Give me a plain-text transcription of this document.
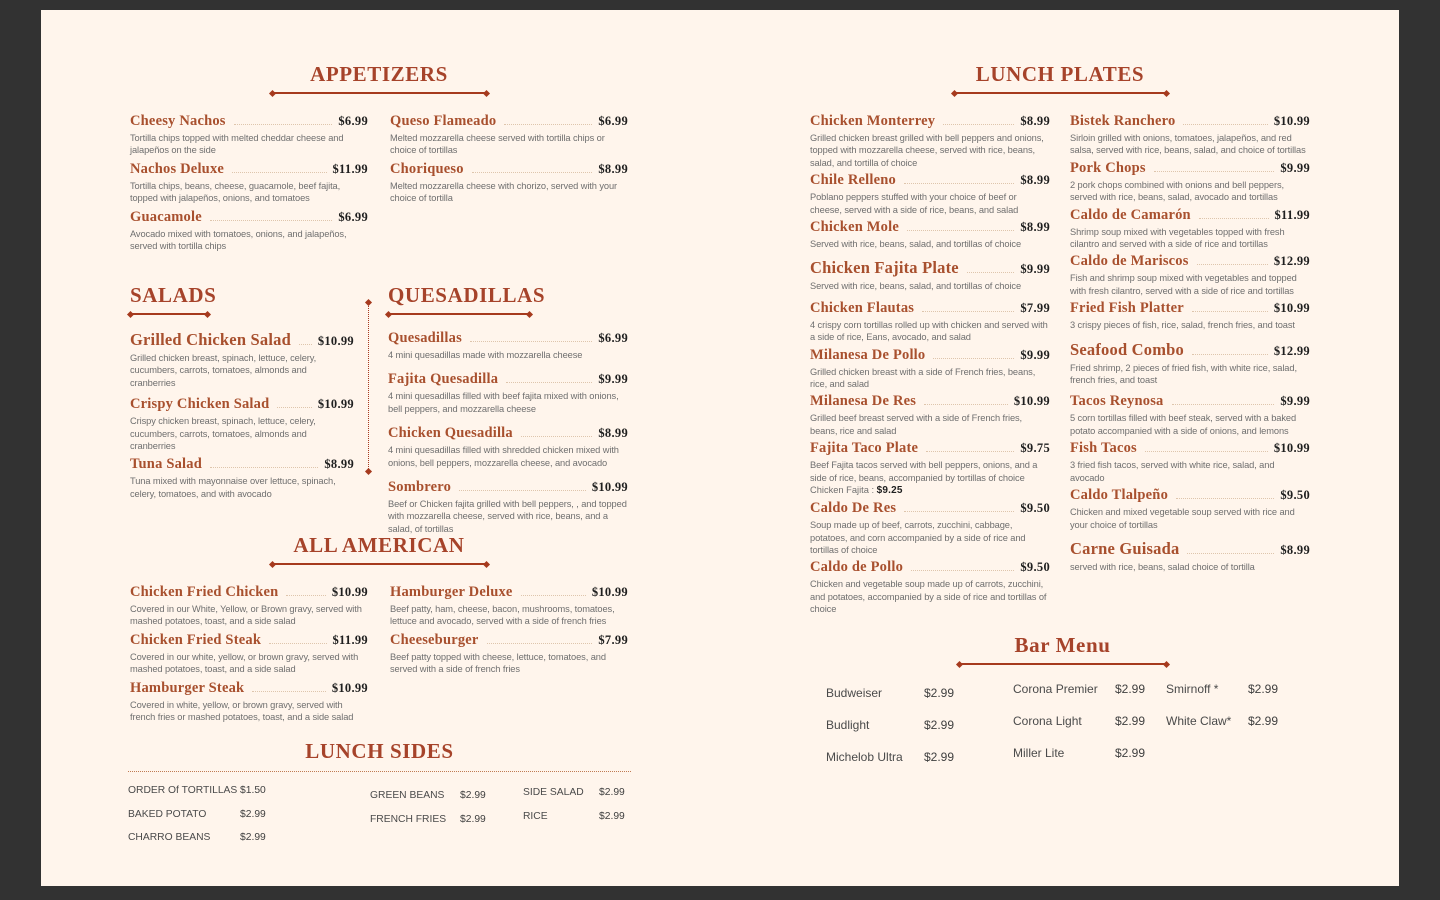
APPETIZERS
Cheesy Nachos	$6.99
Tortilla chips topped with melted cheddar cheese and jalapeños on the side
Nachos Deluxe	$11.99
Tortilla chips, beans, cheese, guacamole, beef fajita, topped with jalapeños, onions, and tomatoes
Guacamole	$6.99
Avocado mixed with tomatoes, onions, and jalapeños, served with tortilla chips
Queso Flameado	$6.99
Melted mozzarella cheese served with tortilla chips or choice of tortillas
Choriqueso	$8.99
Melted mozzarella cheese with chorizo, served with your choice of tortilla
SALADS
Grilled Chicken Salad $10.99
Grilled chicken breast, spinach, lettuce, celery, cucumbers, carrots, tomatoes, almonds and cranberries
Crispy Chicken Salad	$10.99
Crispy chicken breast, spinach, lettuce, celery, cucumbers, carrots, tomatoes, almonds and cranberries
Tuna Salad	$8.99
Tuna mixed with mayonnaise over lettuce, spinach, celery, tomatoes, and with avocado
QUESADILLAS
Quesadillas	$6.99
4 mini quesadillas made with mozzarella cheese
Fajita Quesadilla	$9.99
4 mini quesadillas filled with beef fajita mixed with onions, bell peppers, and mozzarella cheese
Chicken Quesadilla	$8.99
4 mini quesadillas filled with shredded chicken mixed with onions, bell peppers, mozzarella cheese, and avocado
Sombrero	$10.99
Beef or Chicken fajita grilled with bell peppers, , and topped with mozzarella cheese, served with rice, beans, and a salad, of tortillas
ALL AMERICAN
Chicken Fried Chicken	$10.99
Covered in our White, Yellow, or Brown gravy, served with mashed potatoes, toast, and a side salad
Chicken Fried Steak	$11.99
Covered in our white, yellow, or brown gravy, served with mashed potatoes, toast, and a side salad
Hamburger Steak	$10.99
Covered in white, yellow, or brown gravy, served with french fries or mashed potatoes, toast, and a side salad
Hamburger Deluxe	$10.99
Beef patty, ham, cheese, bacon, mushrooms, tomatoes, lettuce and avocado, served with a side of french fries
Cheeseburger	$7.99
Beef patty topped with cheese, lettuce, tomatoes, and served with a side of french fries
LUNCH SIDES
ORDER Of TORTILLAS $1.50
BAKED POTATO	$2.99
CHARRO BEANS	$2.99
GREEN BEANS	$2.99
FRENCH FRIES	$2.99
SIDE SALAD	$2.99
RICE	$2.99
LUNCH PLATES
Chicken Monterrey	$8.99
Grilled chicken breast grilled with bell peppers and onions, topped with mozzarella cheese, served with rice, beans, salad, and tortilla of choice
Chile Relleno	$8.99
Poblano peppers stuffed with your choice of beef or cheese, served with a side of rice, beans, and salad
Chicken Mole	$8.99
Served with rice, beans, salad, and tortillas of choice
Chicken Fajita Plate	$9.99
Served with rice, beans, salad, and tortillas of choice
Chicken Flautas	$7.99
4 crispy corn tortillas rolled up with chicken and served with a side of rice, Eans, avocado, and salad
Milanesa De Pollo	$9.99
Grilled chicken breast with a side of French fries, beans, rice, and salad
Milanesa De Res	$10.99
Grilled beef breast served with a side of French fries, beans, rice and salad
Fajita Taco Plate	$9.75
Beef Fajita tacos served with bell peppers, onions, and a side of rice, beans, accompanied by tortillas of choice
Chicken Fajita : $9.25
Caldo De Res	$9.50
Soup made up of beef, carrots, zucchini, cabbage, potatoes, and corn accompanied by a side of rice and tortillas of choice
Caldo de Pollo	$9.50
Chicken and vegetable soup made up of carrots, zucchini, and potatoes, accompanied by a side of rice and tortillas of choice
Bistek Ranchero	$10.99
Sirloin grilled with onions, tomatoes, jalapeños, and red salsa, served with rice, beans, salad, and choice of tortillas
Pork Chops	$9.99
2 pork chops combined with onions and bell peppers, served with rice, beans, salad, avocado and tortillas
Caldo de Camarón	$11.99
Shrimp soup mixed with vegetables topped with fresh cilantro and served with a side of rice and tortillas
Caldo de Mariscos	$12.99
Fish and shrimp soup mixed with vegetables and topped with fresh cilantro, served with a side of rice and tortillas
Fried Fish Platter	$10.99
3 crispy pieces of fish, rice, salad, french fries, and toast
Seafood Combo	$12.99
Fried shrimp, 2 pieces of fried fish, with white rice, salad, french fries, and toast
Tacos Reynosa	$9.99
5 corn tortillas filled with beef steak, served with a baked potato accompanied with a side of onions, and lemons
Fish Tacos	$10.99
3 fried fish tacos, served with white rice, salad, and avocado
Caldo Tlalpeño	$9.50
Chicken and mixed vegetable soup served with rice and your choice of tortillas
Carne Guisada	$8.99
served with rice, beans, salad choice of tortilla
Bar Menu
Budweiser	$2.99
Budlight	$2.99
Michelob Ultra	$2.99
Corona Premier	$2.99
Corona Light	$2.99
Miller Lite	$2.99
Smirnoff *	$2.99
White Claw*	$2.99
